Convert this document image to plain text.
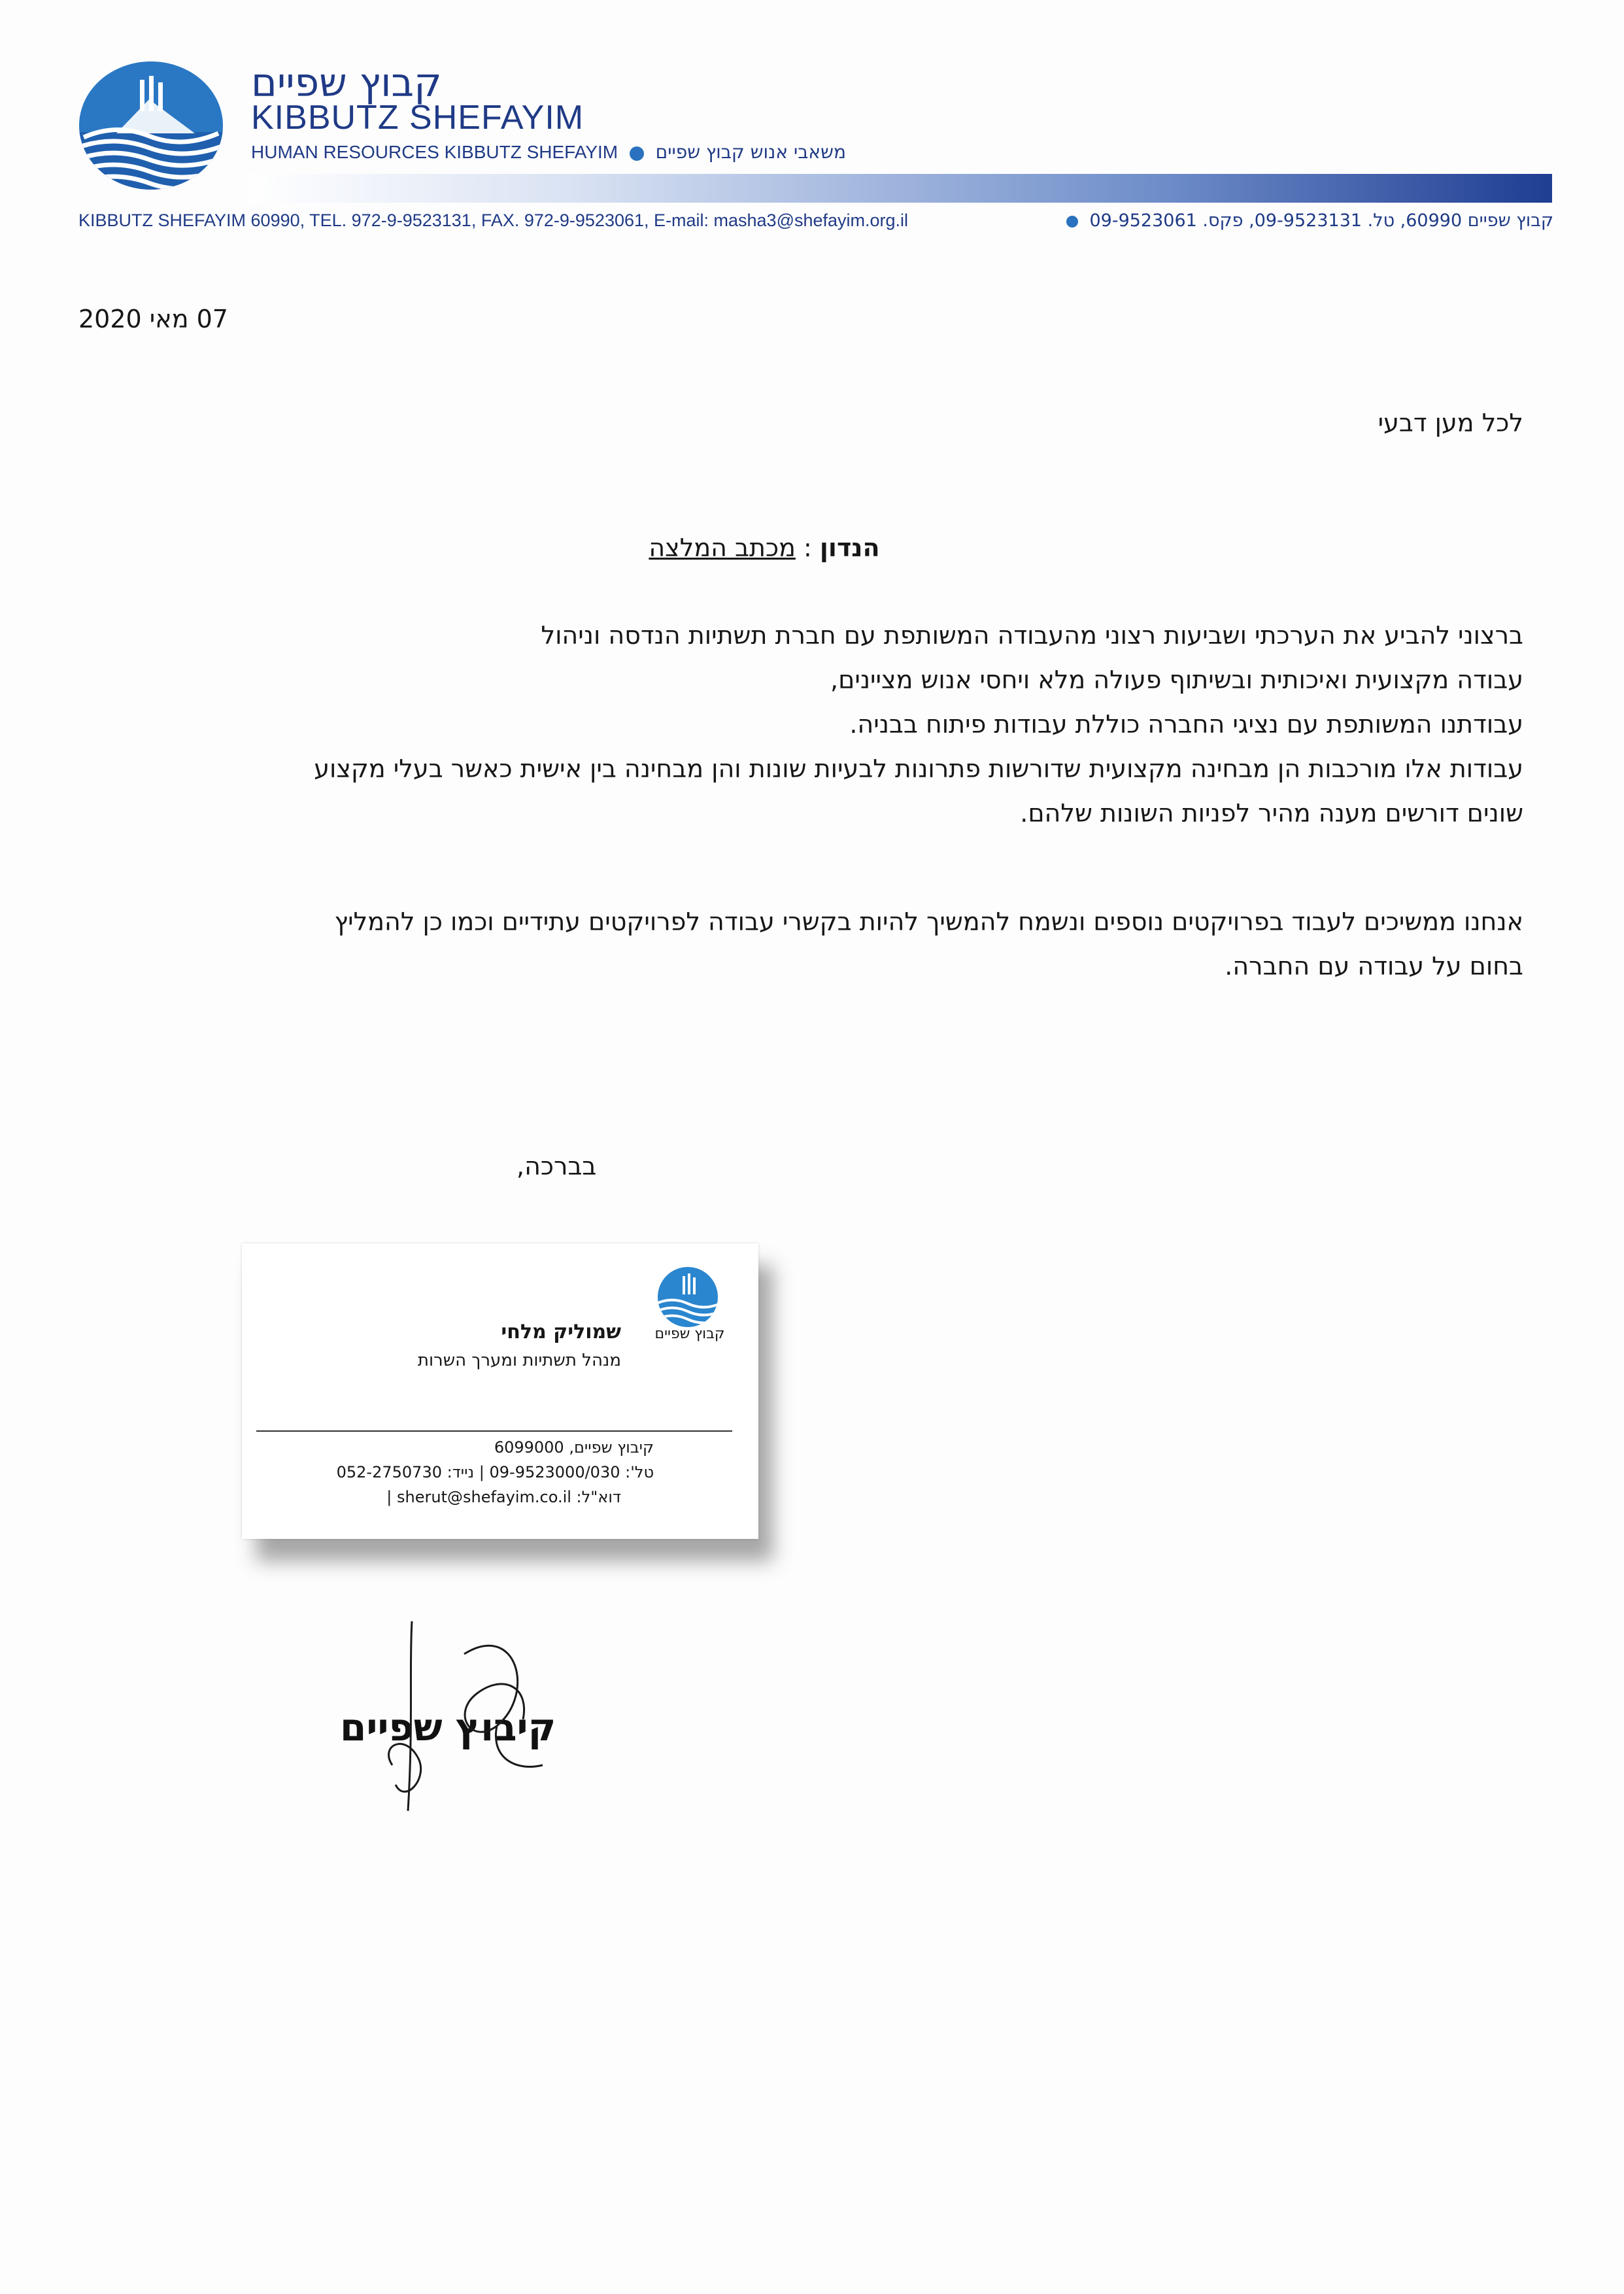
קבוץ שפיים
KIBBUTZ SHEFAYIM
HUMAN RESOURCES KIBBUTZ SHEFAYIM משאבי אנוש קבוץ שפיים
KIBBUTZ SHEFAYIM 60990, TEL. 972-9-9523131, FAX. 972-9-9523061, E-mail: masha3@shefayim.org.il	קבוץ שפיים 60990, טל. 09-9523131, פקס. 09-9523061
07 מאי 2020
לכל מען דבעי
הנדון : מכתב המלצה
ברצוני להביע את הערכתי ושביעות רצוני מהעבודה המשותפת עם חברת תשתיות הנדסה וניהול
עבודה מקצועית ואיכותית ובשיתוף פעולה מלא ויחסי אנוש מציינים,
עבודתנו המשותפת עם נציגי החברה כוללת עבודות פיתוח בבניה.
עבודות אלו מורכבות הן מבחינה מקצועית שדורשות פתרונות לבעיות שונות והן מבחינה בין אישית כאשר בעלי מקצוע
שונים דורשים מענה מהיר לפניות השונות שלהם.
אנחנו ממשיכים לעבוד בפרויקטים נוספים ונשמח להמשיך להיות בקשרי עבודה לפרויקטים עתידיים וכמו כן להמליץ
בחום על עבודה עם החברה.
בברכה,
קבוץ שפיים
שמוליק מלחי
מנהל תשתיות ומערך השרות
קיבוץ שפיים, 6099000
טל': 09-9523000/030 | נייד: 052-2750730
דוא"ל: sherut@shefayim.co.il |
קיבוץ שפיים
